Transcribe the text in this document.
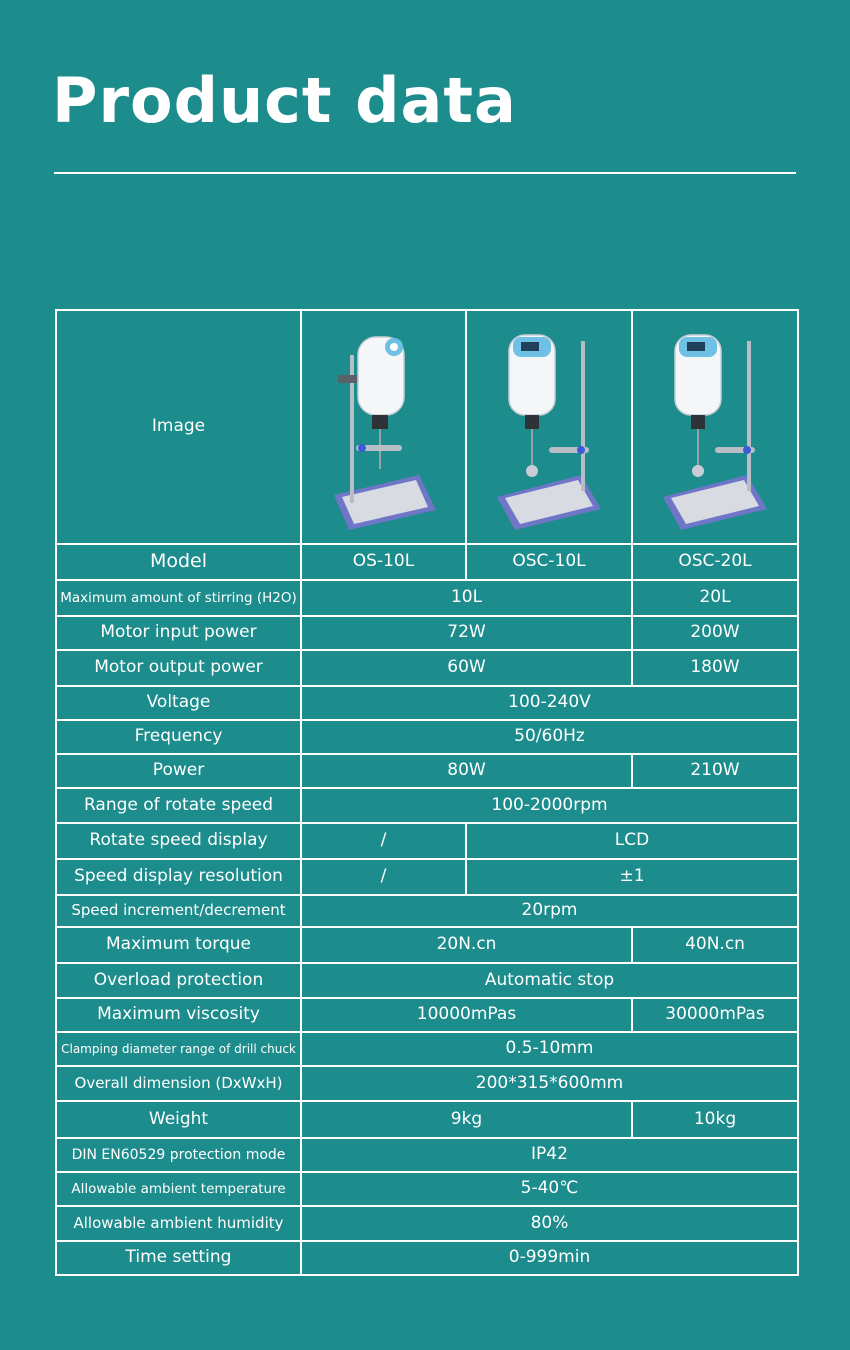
Product data
Image	

Model	OS-10L	OSC-10L	OSC-20L
Maximum amount of stirring (H2O)	10L		20L
Motor input power	72W		200W
Motor output power	60W		180W
Voltage	100-240V		
Frequency	50/60Hz		
Power	80W		210W
Range of rotate speed	100-2000rpm		
Rotate speed display	/	LCD	
Speed display resolution	/	±1	
Speed increment/decrement	20rpm		
Maximum torque	20N.cn		40N.cn
Overload protection	Automatic stop		
Maximum viscosity	10000mPas		30000mPas
Clamping diameter range of drill chuck	0.5-10mm		
Overall dimension (DxWxH)	200*315*600mm		
Weight	9kg		10kg
DIN EN60529 protection mode	IP42		
Allowable ambient temperature	5-40℃		
Allowable ambient humidity	80%		
Time setting	0-999min		
